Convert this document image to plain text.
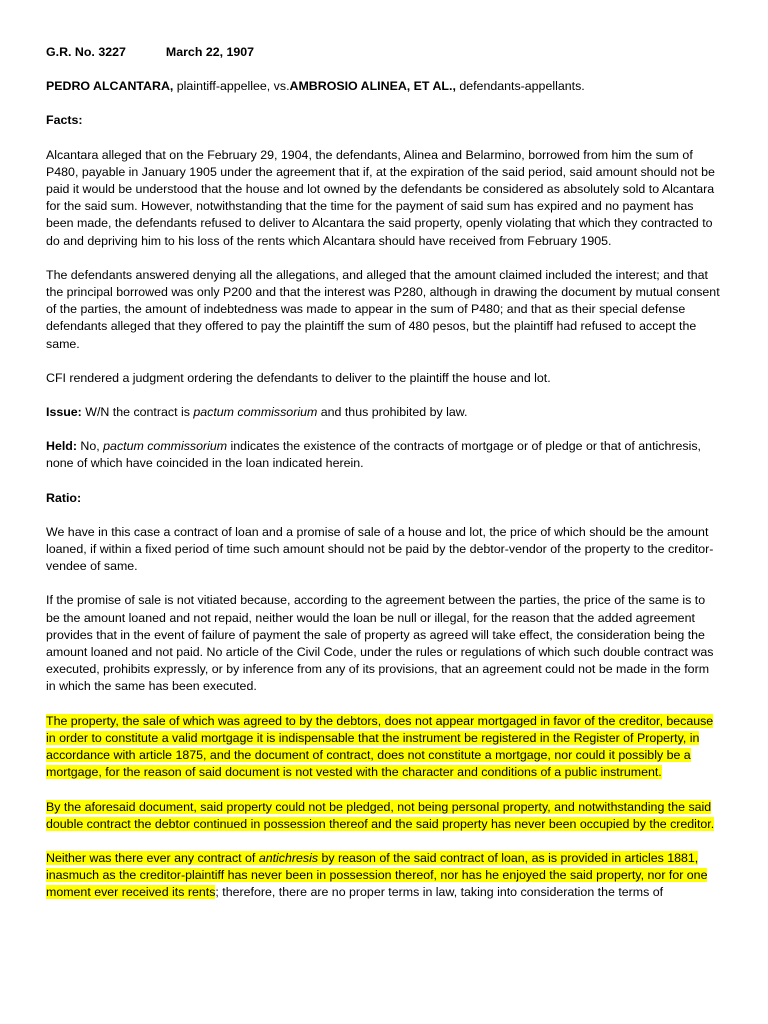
G.R. No. 3227	March 22, 1907

PEDRO ALCANTARA, plaintiff-appellee, vs.AMBROSIO ALINEA, ET AL., defendants-appellants.

Facts:

Alcantara alleged that on the February 29, 1904, the defendants, Alinea and Belarmino, borrowed from him the sum of P480, payable in January 1905 under the agreement that if, at the expiration of the said period, said amount should not be paid it would be understood that the house and lot owned by the defendants be considered as absolutely sold to Alcantara for the said sum. However, notwithstanding that the time for the payment of said sum has expired and no payment has been made, the defendants refused to deliver to Alcantara the said property, openly violating that which they contracted to do and depriving him to his loss of the rents which Alcantara should have received from February 1905.

The defendants answered denying all the allegations, and alleged that the amount claimed included the interest; and that the principal borrowed was only P200 and that the interest was P280, although in drawing the document by mutual consent of the parties, the amount of indebtedness was made to appear in the sum of P480; and that as their special defense defendants alleged that they offered to pay the plaintiff the sum of 480 pesos, but the plaintiff had refused to accept the same.

CFI rendered a judgment ordering the defendants to deliver to the plaintiff the house and lot.

Issue: W/N the contract is pactum commissorium and thus prohibited by law.

Held: No, pactum commissorium indicates the existence of the contracts of mortgage or of pledge or that of antichresis, none of which have coincided in the loan indicated herein.

Ratio:

We have in this case a contract of loan and a promise of sale of a house and lot, the price of which should be the amount loaned, if within a fixed period of time such amount should not be paid by the debtor-vendor of the property to the creditor-vendee of same.

If the promise of sale is not vitiated because, according to the agreement between the parties, the price of the same is to be the amount loaned and not repaid, neither would the loan be null or illegal, for the reason that the added agreement provides that in the event of failure of payment the sale of property as agreed will take effect, the consideration being the amount loaned and not paid. No article of the Civil Code, under the rules or regulations of which such double contract was executed, prohibits expressly, or by inference from any of its provisions, that an agreement could not be made in the form in which the same has been executed.

The property, the sale of which was agreed to by the debtors, does not appear mortgaged in favor of the creditor, because in order to constitute a valid mortgage it is indispensable that the instrument be registered in the Register of Property, in accordance with article 1875, and the document of contract, does not constitute a mortgage, nor could it possibly be a mortgage, for the reason of said document is not vested with the character and conditions of a public instrument.

By the aforesaid document, said property could not be pledged, not being personal property, and notwithstanding the said double contract the debtor continued in possession thereof and the said property has never been occupied by the creditor.

Neither was there ever any contract of antichresis by reason of the said contract of loan, as is provided in articles 1881, inasmuch as the creditor-plaintiff has never been in possession thereof, nor has he enjoyed the said property, nor for one moment ever received its rents; therefore, there are no proper terms in law, taking into consideration the terms of
